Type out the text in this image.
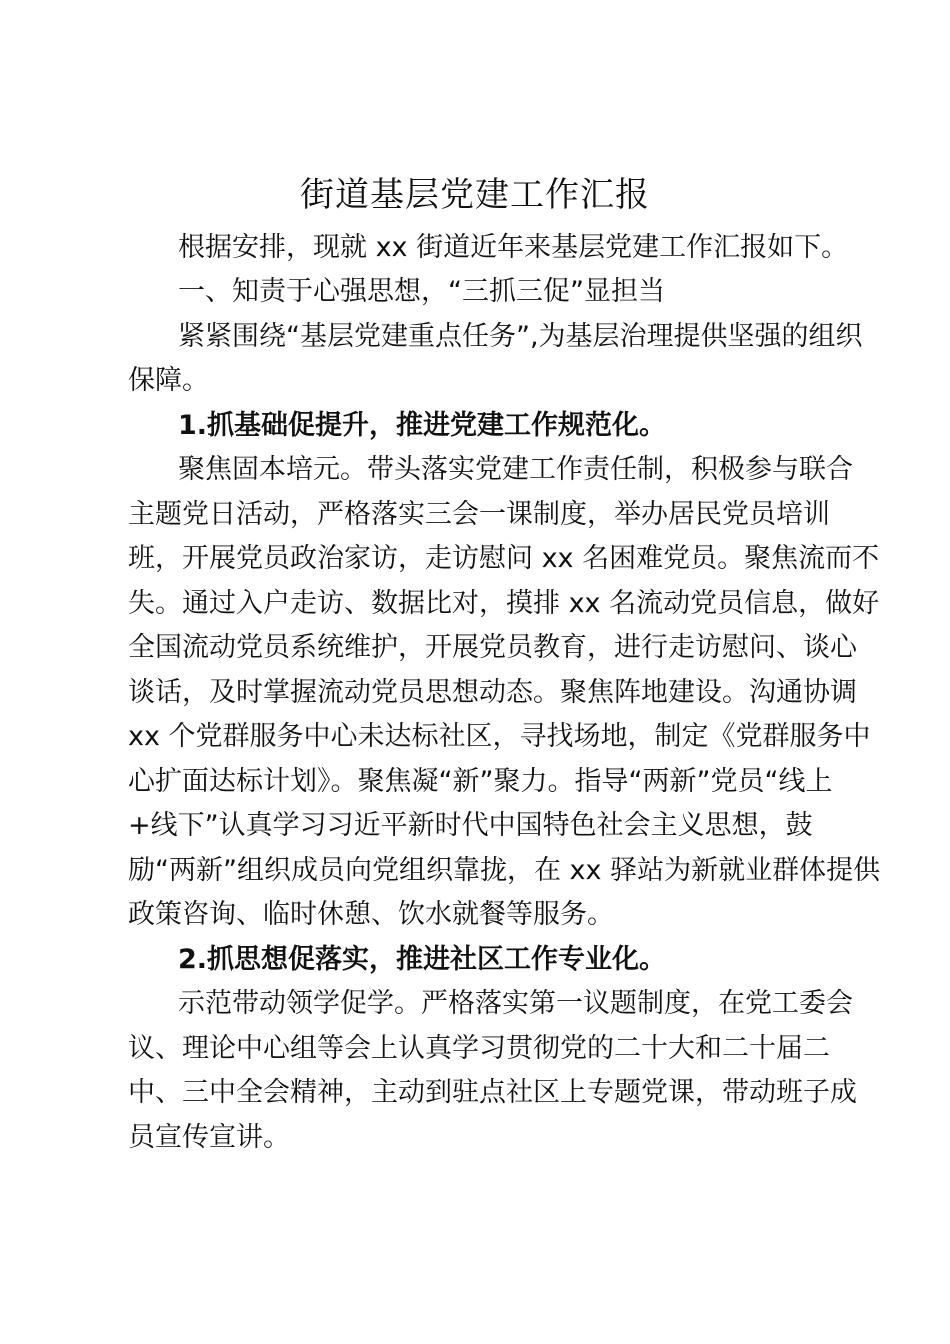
街道基层党建工作汇报

根据安排，现就 xx 街道近年来基层党建工作汇报如下。

一、知责于心强思想，“三抓三促”显担当

紧紧围绕“基层党建重点任务”,为基层治理提供坚强的组织

保障。

1.抓基础促提升，推进党建工作规范化。

聚焦固本培元。带头落实党建工作责任制，积极参与联合

主题党日活动，严格落实三会一课制度，举办居民党员培训

班，开展党员政治家访，走访慰问 xx 名困难党员。聚焦流而不

失。通过入户走访、数据比对，摸排 xx 名流动党员信息，做好

全国流动党员系统维护，开展党员教育，进行走访慰问、谈心

谈话，及时掌握流动党员思想动态。聚焦阵地建设。沟通协调

xx 个党群服务中心未达标社区，寻找场地，制定《党群服务中

心扩面达标计划》。聚焦凝“新”聚力。指导“两新”党员“线上

+线下”认真学习习近平新时代中国特色社会主义思想，鼓

励“两新”组织成员向党组织靠拢，在 xx 驿站为新就业群体提供

政策咨询、临时休憩、饮水就餐等服务。

2.抓思想促落实，推进社区工作专业化。

示范带动领学促学。严格落实第一议题制度，在党工委会

议、理论中心组等会上认真学习贯彻党的二十大和二十届二

中、三中全会精神，主动到驻点社区上专题党课，带动班子成

员宣传宣讲。
